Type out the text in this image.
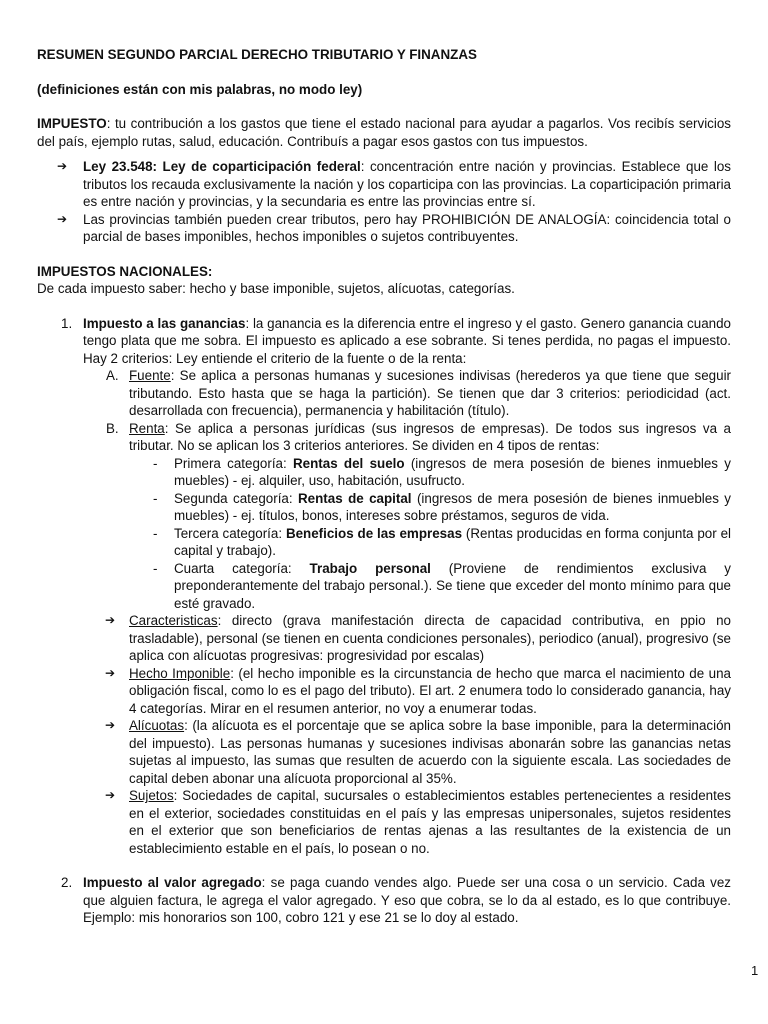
RESUMEN SEGUNDO PARCIAL DERECHO TRIBUTARIO Y FINANZAS

(definiciones están con mis palabras, no modo ley)

IMPUESTO: tu contribución a los gastos que tiene el estado nacional para ayudar a pagarlos. Vos recibís servicios del país, ejemplo rutas, salud, educación. Contribuís a pagar esos gastos con tus impuestos.

➔ Ley 23.548: Ley de coparticipación federal: concentración entre nación y provincias. Establece que los tributos los recauda exclusivamente la nación y los coparticipa con las provincias. La coparticipación primaria es entre nación y provincias, y la secundaria es entre las provincias entre sí.
➔ Las provincias también pueden crear tributos, pero hay PROHIBICIÓN DE ANALOGÍA: coincidencia total o parcial de bases imponibles, hechos imponibles o sujetos contribuyentes.

IMPUESTOS NACIONALES:

De cada impuesto saber: hecho y base imponible, sujetos, alícuotas, categorías.

1. Impuesto a las ganancias: la ganancia es la diferencia entre el ingreso y el gasto. Genero ganancia cuando tengo plata que me sobra. El impuesto es aplicado a ese sobrante. Si tenes perdida, no pagas el impuesto. Hay 2 criterios: Ley entiende el criterio de la fuente o de la renta:

A. Fuente: Se aplica a personas humanas y sucesiones indivisas (herederos ya que tiene que seguir tributando. Esto hasta que se haga la partición). Se tienen que dar 3 criterios: periodicidad (act. desarrollada con frecuencia), permanencia y habilitación (título).
B. Renta: Se aplica a personas jurídicas (sus ingresos de empresas). De todos sus ingresos va a tributar. No se aplican los 3 criterios anteriores. Se dividen en 4 tipos de rentas:
- Primera categoría: Rentas del suelo (ingresos de mera posesión de bienes inmuebles y muebles) - ej. alquiler, uso, habitación, usufructo.
- Segunda categoría: Rentas de capital (ingresos de mera posesión de bienes inmuebles y muebles) - ej. títulos, bonos, intereses sobre préstamos, seguros de vida.
- Tercera categoría: Beneficios de las empresas (Rentas producidas en forma conjunta por el capital y trabajo).
- Cuarta categoría: Trabajo personal (Proviene de rendimientos exclusiva y preponderantemente del trabajo personal.). Se tiene que exceder del monto mínimo para que esté gravado.
➔ Caracteristicas: directo (grava manifestación directa de capacidad contributiva, en ppio no trasladable), personal (se tienen en cuenta condiciones personales), periodico (anual), progresivo (se aplica con alícuotas progresivas: progresividad por escalas)
➔ Hecho Imponible: (el hecho imponible es la circunstancia de hecho que marca el nacimiento de una obligación fiscal, como lo es el pago del tributo). El art. 2 enumera todo lo considerado ganancia, hay 4 categorías. Mirar en el resumen anterior, no voy a enumerar todas.
➔ Alícuotas: (la alícuota es el porcentaje que se aplica sobre la base imponible, para la determinación del impuesto). Las personas humanas y sucesiones indivisas abonarán sobre las ganancias netas sujetas al impuesto, las sumas que resulten de acuerdo con la siguiente escala. Las sociedades de capital deben abonar una alícuota proporcional al 35%.
➔ Sujetos: Sociedades de capital, sucursales o establecimientos estables pertenecientes a residentes en el exterior, sociedades constituidas en el país y las empresas unipersonales, sujetos residentes en el exterior que son beneficiarios de rentas ajenas a las resultantes de la existencia de un establecimiento estable en el país, lo posean o no.
2. Impuesto al valor agregado: se paga cuando vendes algo. Puede ser una cosa o un servicio. Cada vez que alguien factura, le agrega el valor agregado. Y eso que cobra, se lo da al estado, es lo que contribuye. Ejemplo: mis honorarios son 100, cobro 121 y ese 21 se lo doy al estado.

1
